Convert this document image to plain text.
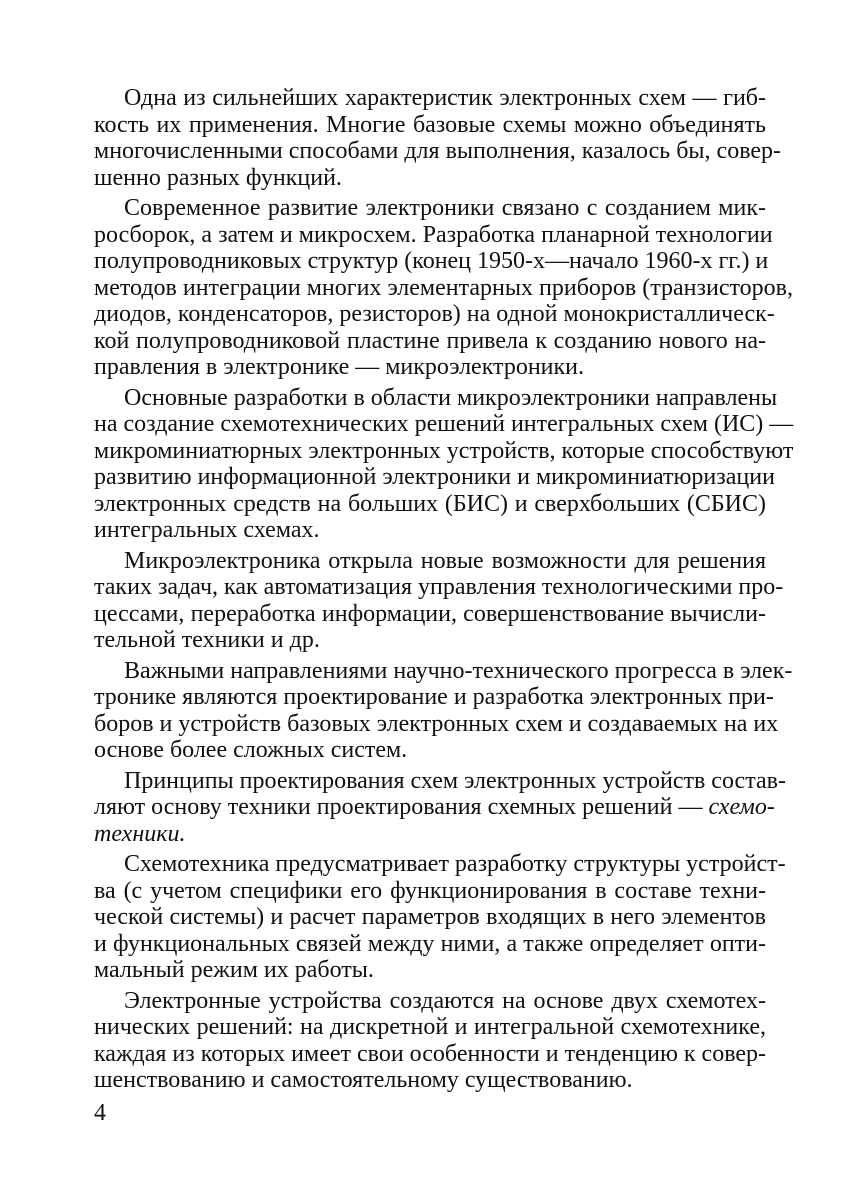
Одна из сильнейших характеристик электронных схем — гиб-
кость их применения. Многие базовые схемы можно объединять
многочисленными способами для выполнения, казалось бы, совер-
шенно разных функций.

Современное развитие электроники связано с созданием мик-
росборок, а затем и микросхем. Разработка планарной технологии
полупроводниковых структур (конец 1950-х—начало 1960-х гг.) и
методов интеграции многих элементарных приборов (транзисторов,
диодов, конденсаторов, резисторов) на одной монокристаллическ-
кой полупроводниковой пластине привела к созданию нового на-
правления в электронике — микроэлектроники.

Основные разработки в области микроэлектроники направлены
на создание схемотехнических решений интегральных схем (ИС) —
микроминиатюрных электронных устройств, которые способствуют
развитию информационной электроники и микроминиатюризации
электронных средств на больших (БИС) и сверхбольших (СБИС)
интегральных схемах.

Микроэлектроника открыла новые возможности для решения
таких задач, как автоматизация управления технологическими про-
цессами, переработка информации, совершенствование вычисли-
тельной техники и др.

Важными направлениями научно-технического прогресса в элек-
тронике являются проектирование и разработка электронных при-
боров и устройств базовых электронных схем и создаваемых на их
основе более сложных систем.

Принципы проектирования схем электронных устройств состав-
ляют основу техники проектирования схемных решений — схемо-
техники.

Схемотехника предусматривает разработку структуры устройст-
ва (с учетом специфики его функционирования в составе техни-
ческой системы) и расчет параметров входящих в него элементов
и функциональных связей между ними, а также определяет опти-
мальный режим их работы.

Электронные устройства создаются на основе двух схемотех-
нических решений: на дискретной и интегральной схемотехнике,
каждая из которых имеет свои особенности и тенденцию к совер-
шенствованию и самостоятельному существованию.

4
